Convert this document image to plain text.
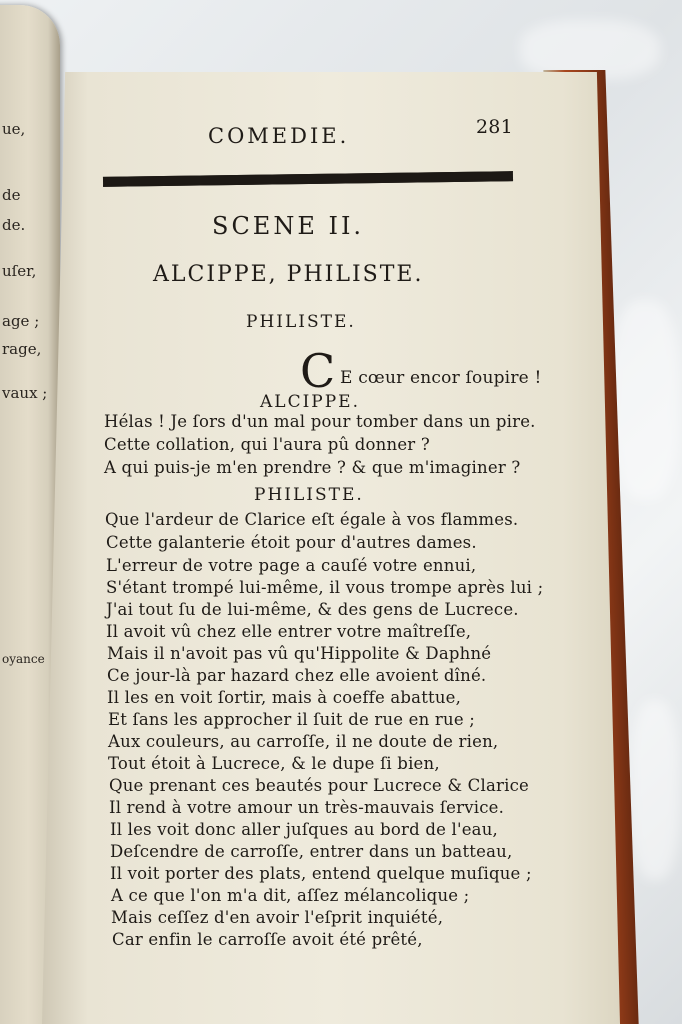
ue,
de
de.
uſer,
age ;
rage,
vaux ;
oyance
COMEDIE.	281
SCENE II.
ALCIPPE, PHILISTE.
PHILISTE.
C E cœur encor ſoupire !
ALCIPPE.
Hélas ! Je ſors d'un mal pour tomber dans un pire.
Cette collation, qui l'aura pû donner ?
A qui puis-je m'en prendre ? & que m'imaginer ?
PHILISTE.
Que l'ardeur de Clarice eſt égale à vos flammes.
Cette galanterie étoit pour d'autres dames.
L'erreur de votre page a cauſé votre ennui,
S'étant trompé lui-même, il vous trompe après lui ;
J'ai tout ſu de lui-même, & des gens de Lucrece.
Il avoit vû chez elle entrer votre maîtreſſe,
Mais il n'avoit pas vû qu'Hippolite & Daphné
Ce jour-là par hazard chez elle avoient dîné.
Il les en voit ſortir, mais à coeffe abattue,
Et ſans les approcher il ſuit de rue en rue ;
Aux couleurs, au carroſſe, il ne doute de rien,
Tout étoit à Lucrece, & le dupe ſi bien,
Que prenant ces beautés pour Lucrece & Clarice
Il rend à votre amour un très-mauvais ſervice.
Il les voit donc aller juſques au bord de l'eau,
Deſcendre de carroſſe, entrer dans un batteau,
Il voit porter des plats, entend quelque muſique ;
A ce que l'on m'a dit, aſſez mélancolique ;
Mais ceſſez d'en avoir l'eſprit inquiété,
Car enfin le carroſſe avoit été prêté,
